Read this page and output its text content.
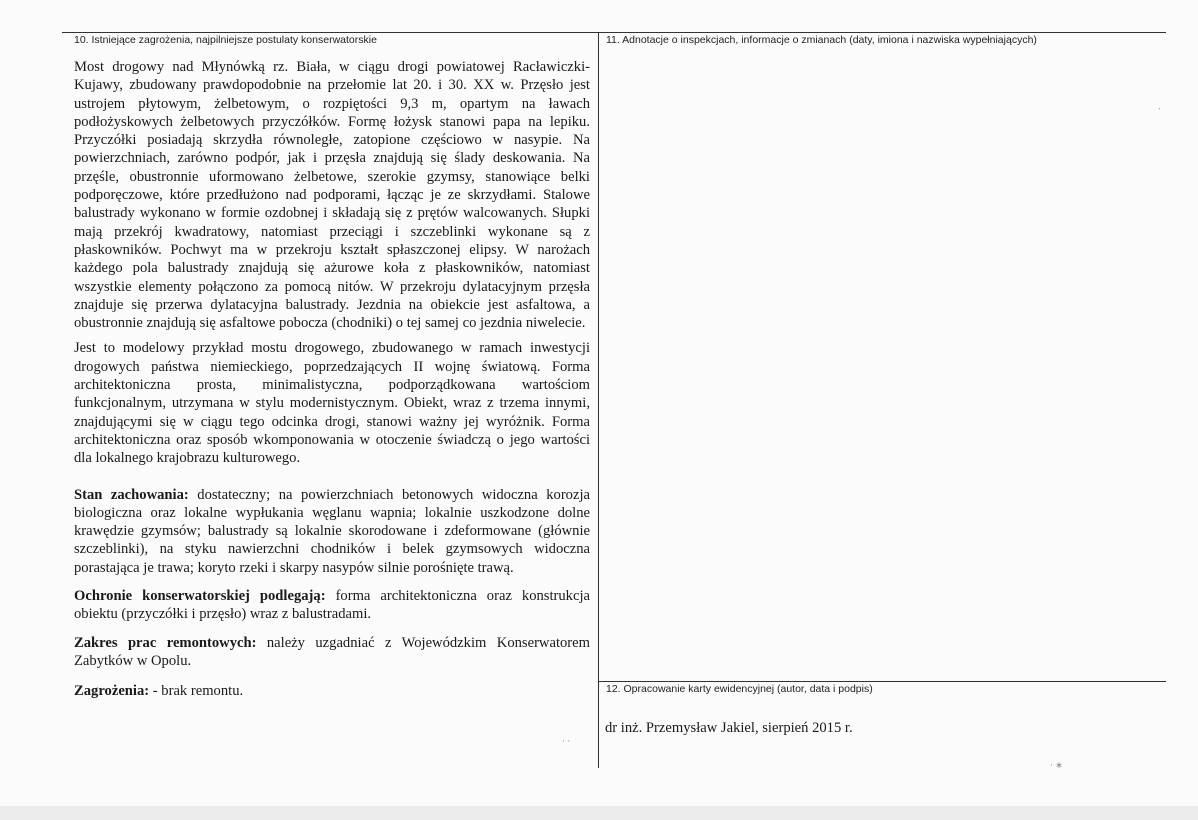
10. Istniejące zagrożenia, najpilniejsze postulaty konserwatorskie	11. Adnotacje o inspekcjach, informacje o zmianach (daty, imiona i nazwiska wypełniających)
12. Opracowanie karty ewidencyjnej (autor, data i podpis)

Most drogowy nad Młynówką rz. Biała, w ciągu drogi powiatowej Racławiczki-Kujawy, zbudowany prawdopodobnie na przełomie lat 20. i 30. XX w. Przęsło jest ustrojem płytowym, żelbetowym, o rozpiętości 9,3 m, opartym na ławach podłożyskowych żelbetowych przyczółków. Formę łożysk stanowi papa na lepiku. Przyczółki posiadają skrzydła równoległe, zatopione częściowo w nasypie. Na powierzchniach, zarówno podpór, jak i przęsła znajdują się ślady deskowania. Na przęśle, obustronnie uformowano żelbetowe, szerokie gzymsy, stanowiące belki podporęczowe, które przedłużono nad podporami, łącząc je ze skrzydłami. Stalowe balustrady wykonano w formie ozdobnej i składają się z prętów walcowanych. Słupki mają przekrój kwadratowy, natomiast przeciągi i szczeblinki wykonane są z płaskowników. Pochwyt ma w przekroju kształt spłaszczonej elipsy. W narożach każdego pola balustrady znajdują się ażurowe koła z płaskowników, natomiast wszystkie elementy połączono za pomocą nitów. W przekroju dylatacyjnym przęsła znajduje się przerwa dylatacyjna balustrady. Jezdnia na obiekcie jest asfaltowa, a obustronnie znajdują się asfaltowe pobocza (chodniki) o tej samej co jezdnia niwelecie.

Jest to modelowy przykład mostu drogowego, zbudowanego w ramach inwestycji drogowych państwa niemieckiego, poprzedzających II wojnę światową. Forma architektoniczna prosta, minimalistyczna, podporządkowana wartościom funkcjonalnym, utrzymana w stylu modernistycznym. Obiekt, wraz z trzema innymi, znajdującymi się w ciągu tego odcinka drogi, stanowi ważny jej wyróżnik. Forma architektoniczna oraz sposób wkomponowania w otoczenie świadczą o jego wartości dla lokalnego krajobrazu kulturowego.

Stan zachowania: dostateczny; na powierzchniach betonowych widoczna korozja biologiczna oraz lokalne wypłukania węglanu wapnia; lokalnie uszkodzone dolne krawędzie gzymsów; balustrady są lokalnie skorodowane i zdeformowane (głównie szczeblinki), na styku nawierzchni chodników i belek gzymsowych widoczna porastająca je trawa; koryto rzeki i skarpy nasypów silnie porośnięte trawą.

Ochronie konserwatorskiej podlegają: forma architektoniczna oraz konstrukcja obiektu (przyczółki i przęsło) wraz z balustradami.

Zakres prac remontowych: należy uzgadniać z Wojewódzkim Konserwatorem Zabytków w Opolu.

Zagrożenia: - brak remontu.

dr inż. Przemysław Jakiel, sierpień 2015 r.
‧
· ·
· ∗
